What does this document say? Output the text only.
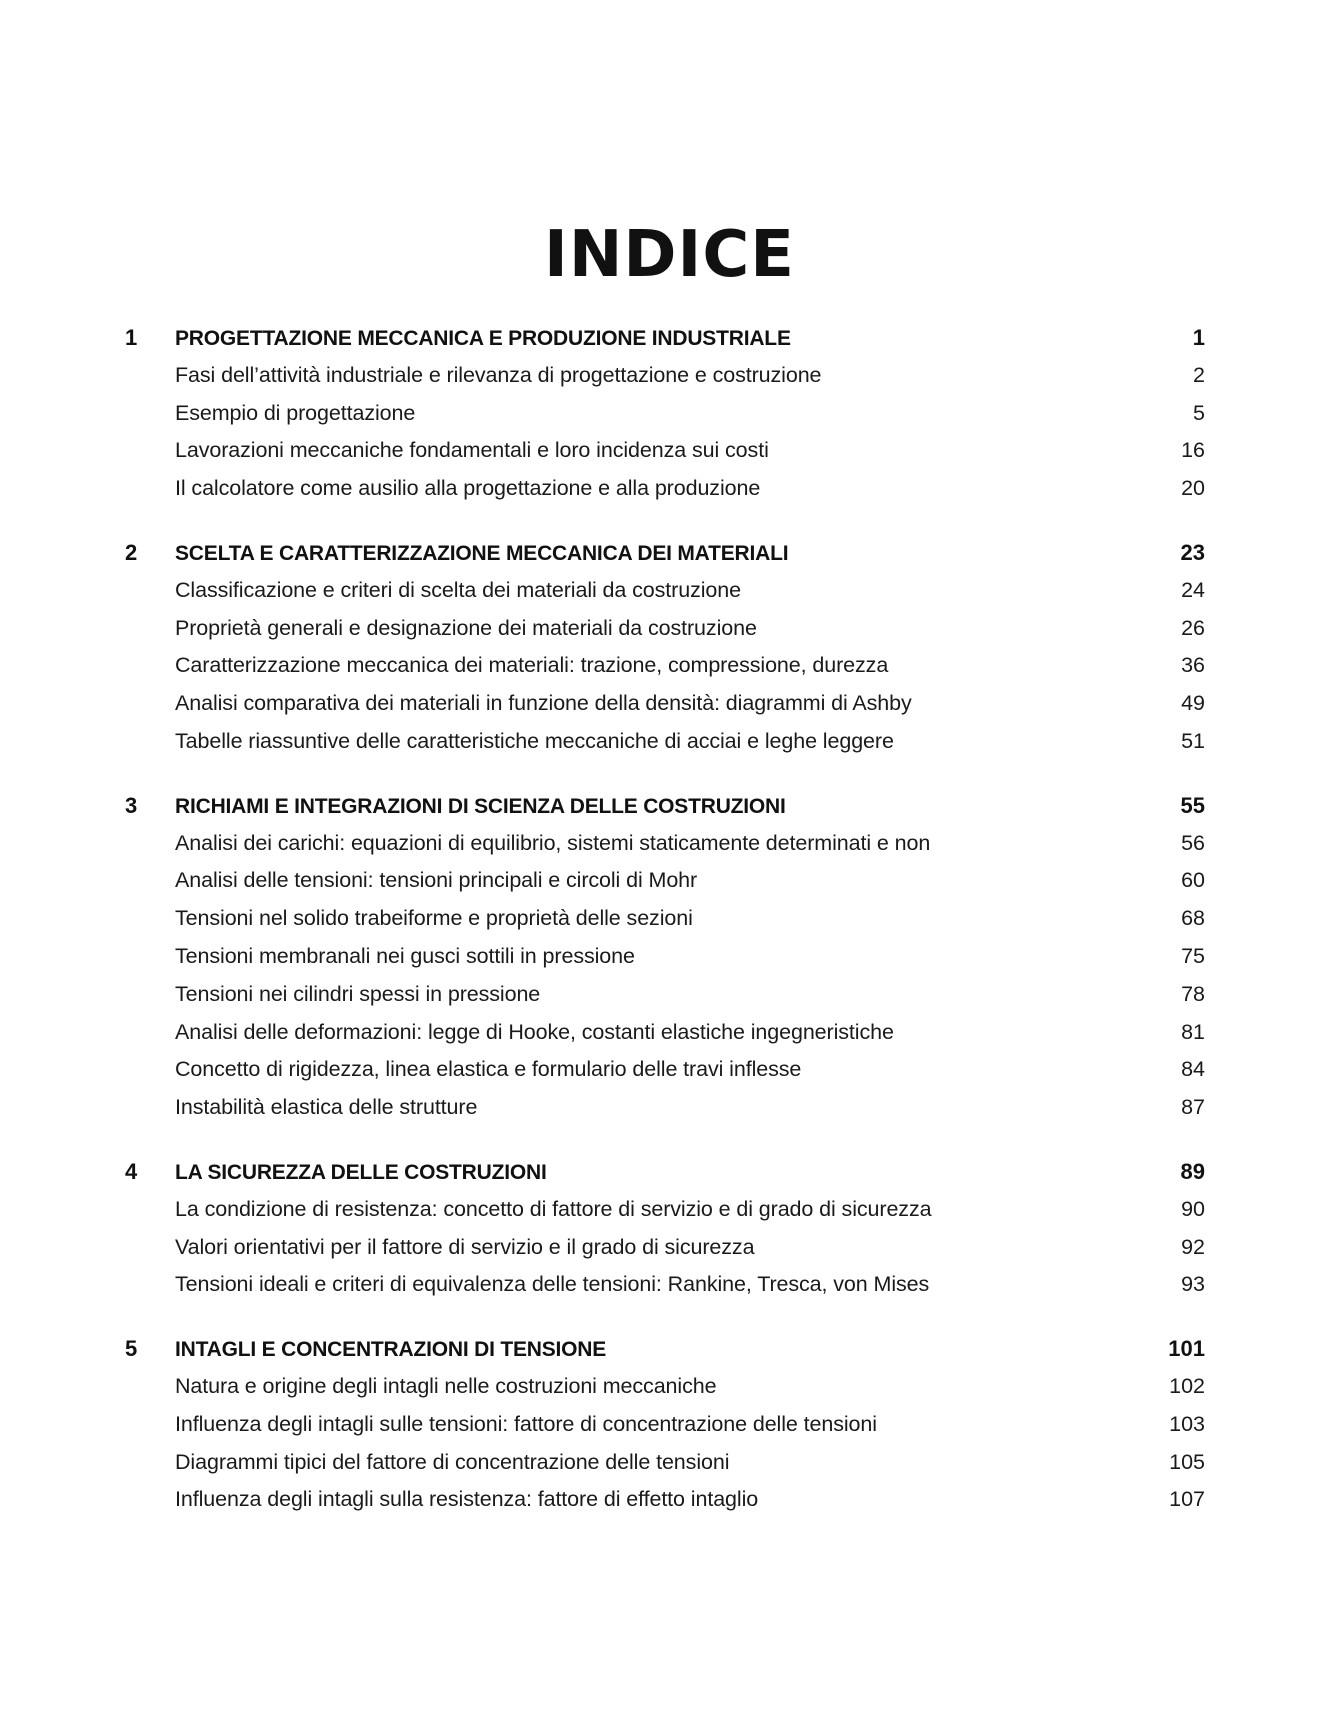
INDICE
1	PROGETTAZIONE MECCANICA E PRODUZIONE INDUSTRIALE	1
Fasi dell’attività industriale e rilevanza di progettazione e costruzione	2
Esempio di progettazione	5
Lavorazioni meccaniche fondamentali e loro incidenza sui costi	16
Il calcolatore come ausilio alla progettazione e alla produzione	20
2	SCELTA E CARATTERIZZAZIONE MECCANICA DEI MATERIALI	23
Classificazione e criteri di scelta dei materiali da costruzione	24
Proprietà generali e designazione dei materiali da costruzione	26
Caratterizzazione meccanica dei materiali: trazione, compressione, durezza	36
Analisi comparativa dei materiali in funzione della densità: diagrammi di Ashby	49
Tabelle riassuntive delle caratteristiche meccaniche di acciai e leghe leggere	51
3	RICHIAMI E INTEGRAZIONI DI SCIENZA DELLE COSTRUZIONI	55
Analisi dei carichi: equazioni di equilibrio, sistemi staticamente determinati e non	56
Analisi delle tensioni: tensioni principali e circoli di Mohr	60
Tensioni nel solido trabeiforme e proprietà delle sezioni	68
Tensioni membranali nei gusci sottili in pressione	75
Tensioni nei cilindri spessi in pressione	78
Analisi delle deformazioni: legge di Hooke, costanti elastiche ingegneristiche	81
Concetto di rigidezza, linea elastica e formulario delle travi inflesse	84
Instabilità elastica delle strutture	87
4	LA SICUREZZA DELLE COSTRUZIONI	89
La condizione di resistenza: concetto di fattore di servizio e di grado di sicurezza	90
Valori orientativi per il fattore di servizio e il grado di sicurezza	92
Tensioni ideali e criteri di equivalenza delle tensioni: Rankine, Tresca, von Mises	93
5	INTAGLI E CONCENTRAZIONI DI TENSIONE	101
Natura e origine degli intagli nelle costruzioni meccaniche	102
Influenza degli intagli sulle tensioni: fattore di concentrazione delle tensioni	103
Diagrammi tipici del fattore di concentrazione delle tensioni	105
Influenza degli intagli sulla resistenza: fattore di effetto intaglio	107
